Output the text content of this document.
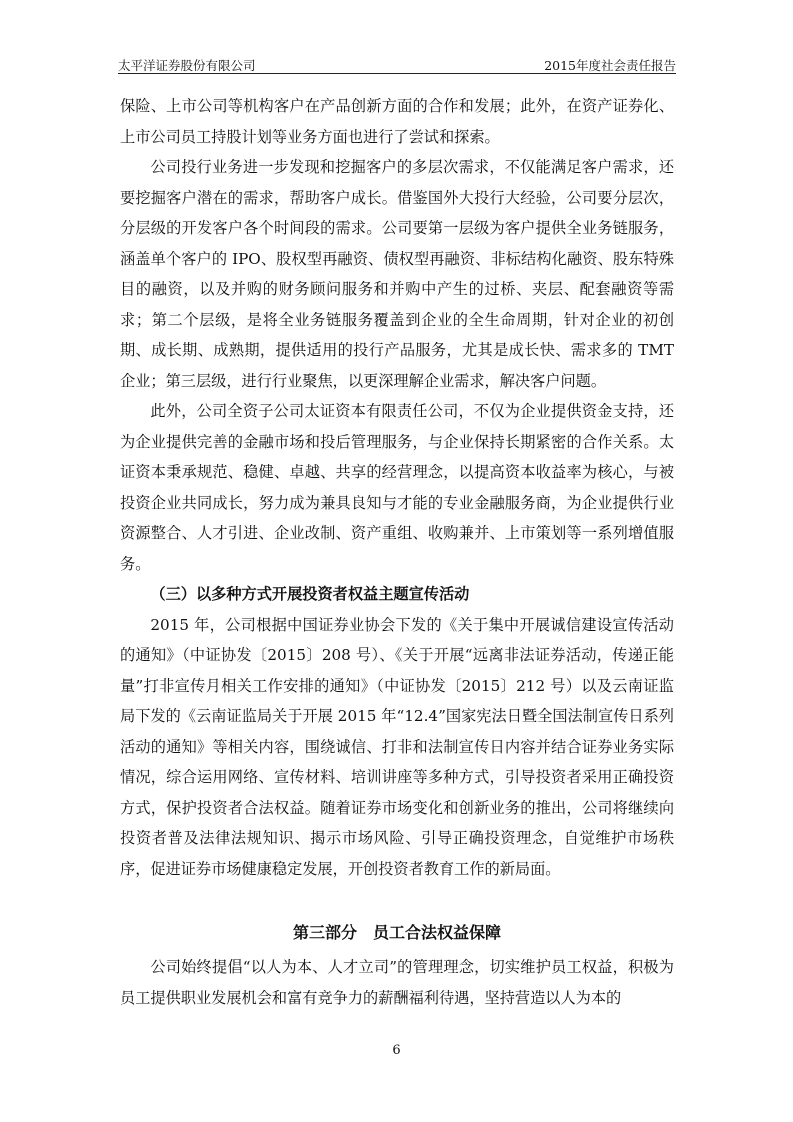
太平洋证券股份有限公司	2015年度社会责任报告

保险、上市公司等机构客户在产品创新方面的合作和发展；此外，在资产证券化、上市公司员工持股计划等业务方面也进行了尝试和探索。

公司投行业务进一步发现和挖掘客户的多层次需求，不仅能满足客户需求，还要挖掘客户潜在的需求，帮助客户成长。借鉴国外大投行大经验，公司要分层次，分层级的开发客户各个时间段的需求。公司要第一层级为客户提供全业务链服务，涵盖单个客户的 IPO、股权型再融资、债权型再融资、非标结构化融资、股东特殊目的融资，以及并购的财务顾问服务和并购中产生的过桥、夹层、配套融资等需求；第二个层级，是将全业务链服务覆盖到企业的全生命周期，针对企业的初创期、成长期、成熟期，提供适用的投行产品服务，尤其是成长快、需求多的 TMT 企业；第三层级，进行行业聚焦，以更深理解企业需求，解决客户问题。

此外，公司全资子公司太证资本有限责任公司，不仅为企业提供资金支持，还为企业提供完善的金融市场和投后管理服务，与企业保持长期紧密的合作关系。太证资本秉承规范、稳健、卓越、共享的经营理念，以提高资本收益率为核心，与被投资企业共同成长，努力成为兼具良知与才能的专业金融服务商，为企业提供行业资源整合、人才引进、企业改制、资产重组、收购兼并、上市策划等一系列增值服务。

（三）以多种方式开展投资者权益主题宣传活动

2015 年，公司根据中国证券业协会下发的《关于集中开展诚信建设宣传活动的通知》（中证协发〔2015〕208 号）、《关于开展“远离非法证券活动，传递正能量”打非宣传月相关工作安排的通知》（中证协发〔2015〕212 号）以及云南证监局下发的《云南证监局关于开展 2015 年“12.4”国家宪法日暨全国法制宣传日系列活动的通知》等相关内容，围绕诚信、打非和法制宣传日内容并结合证券业务实际情况，综合运用网络、宣传材料、培训讲座等多种方式，引导投资者采用正确投资方式，保护投资者合法权益。随着证券市场变化和创新业务的推出，公司将继续向投资者普及法律法规知识、揭示市场风险、引导正确投资理念，自觉维护市场秩序，促进证券市场健康稳定发展，开创投资者教育工作的新局面。

第三部分　员工合法权益保障

公司始终提倡“以人为本、人才立司”的管理理念，切实维护员工权益，积极为员工提供职业发展机会和富有竞争力的薪酬福利待遇，坚持营造以人为本的

6
